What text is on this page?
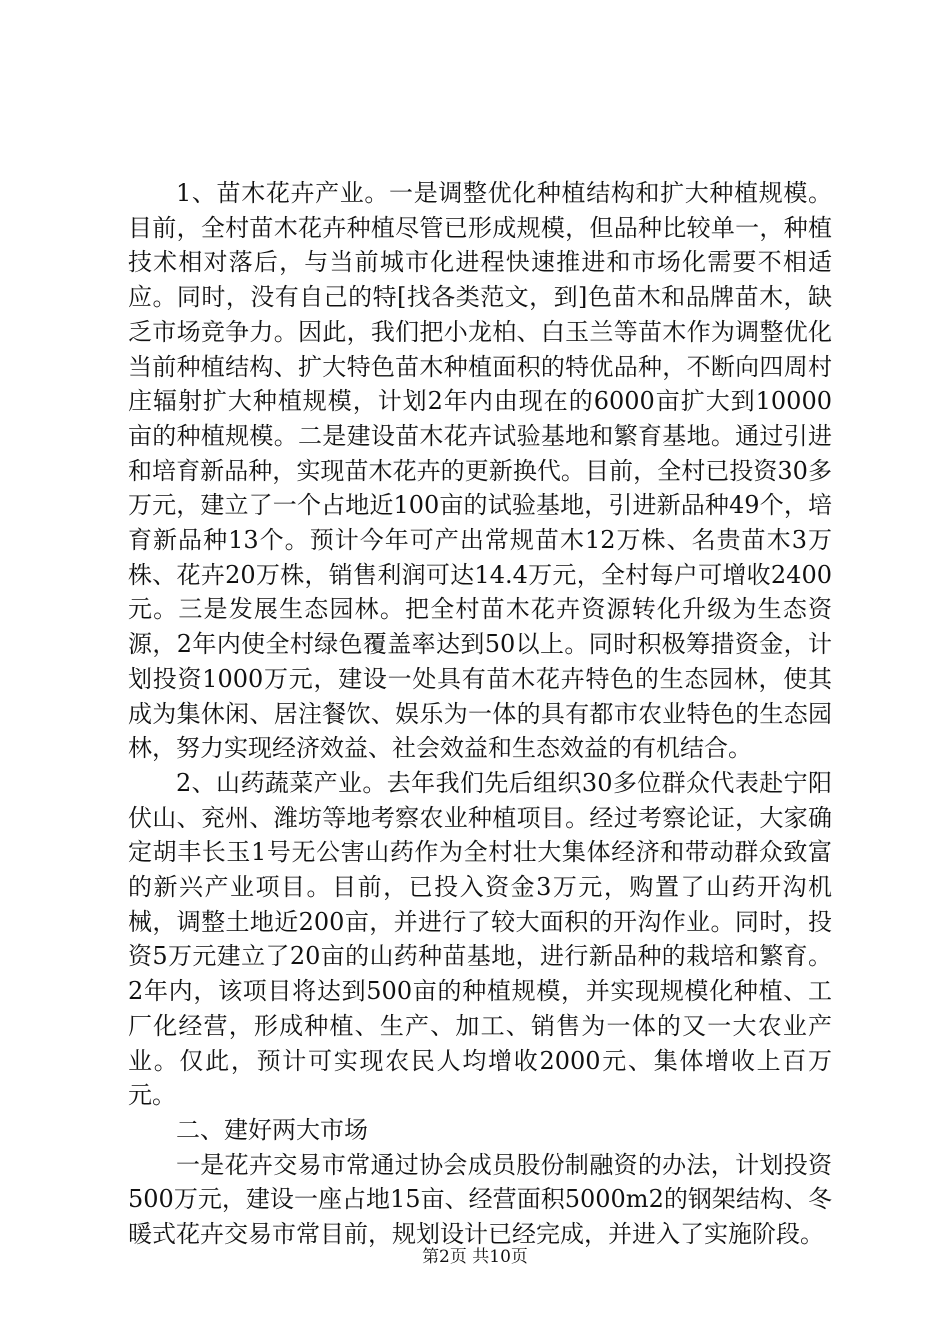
1、苗木花卉产业。一是调整优化种植结构和扩大种植规模。目前，全村苗木花卉种植尽管已形成规模，但品种比较单一，种植技术相对落后，与当前城市化进程快速推进和市场化需要不相适应。同时，没有自己的特[找各类范文，到]色苗木和品牌苗木，缺乏市场竞争力。因此，我们把小龙柏、白玉兰等苗木作为调整优化当前种植结构、扩大特色苗木种植面积的特优品种，不断向四周村庄辐射扩大种植规模，计划2年内由现在的6000亩扩大到10000亩的种植规模。二是建设苗木花卉试验基地和繁育基地。通过引进和培育新品种，实现苗木花卉的更新换代。目前，全村已投资30多万元，建立了一个占地近100亩的试验基地，引进新品种49个，培育新品种13个。预计今年可产出常规苗木12万株、名贵苗木3万株、花卉20万株，销售利润可达14.4万元，全村每户可增收2400元。三是发展生态园林。把全村苗木花卉资源转化升级为生态资源，2年内使全村绿色覆盖率达到50以上。同时积极筹措资金，计划投资1000万元，建设一处具有苗木花卉特色的生态园林，使其成为集休闲、居注餐饮、娱乐为一体的具有都市农业特色的生态园林，努力实现经济效益、社会效益和生态效益的有机结合。

2、山药蔬菜产业。去年我们先后组织30多位群众代表赴宁阳伏山、兖州、潍坊等地考察农业种植项目。经过考察论证，大家确定胡丰长玉1号无公害山药作为全村壮大集体经济和带动群众致富的新兴产业项目。目前，已投入资金3万元，购置了山药开沟机械，调整土地近200亩，并进行了较大面积的开沟作业。同时，投资5万元建立了20亩的山药种苗基地，进行新品种的栽培和繁育。2年内，该项目将达到500亩的种植规模，并实现规模化种植、工厂化经营，形成种植、生产、加工、销售为一体的又一大农业产业。仅此，预计可实现农民人均增收2000元、集体增收上百万元。

二、建好两大市场

一是花卉交易市常通过协会成员股份制融资的办法，计划投资500万元，建设一座占地15亩、经营面积5000m2的钢架结构、冬暖式花卉交易市常目前，规划设计已经完成，并进入了实施阶段。

第2页 共10页
